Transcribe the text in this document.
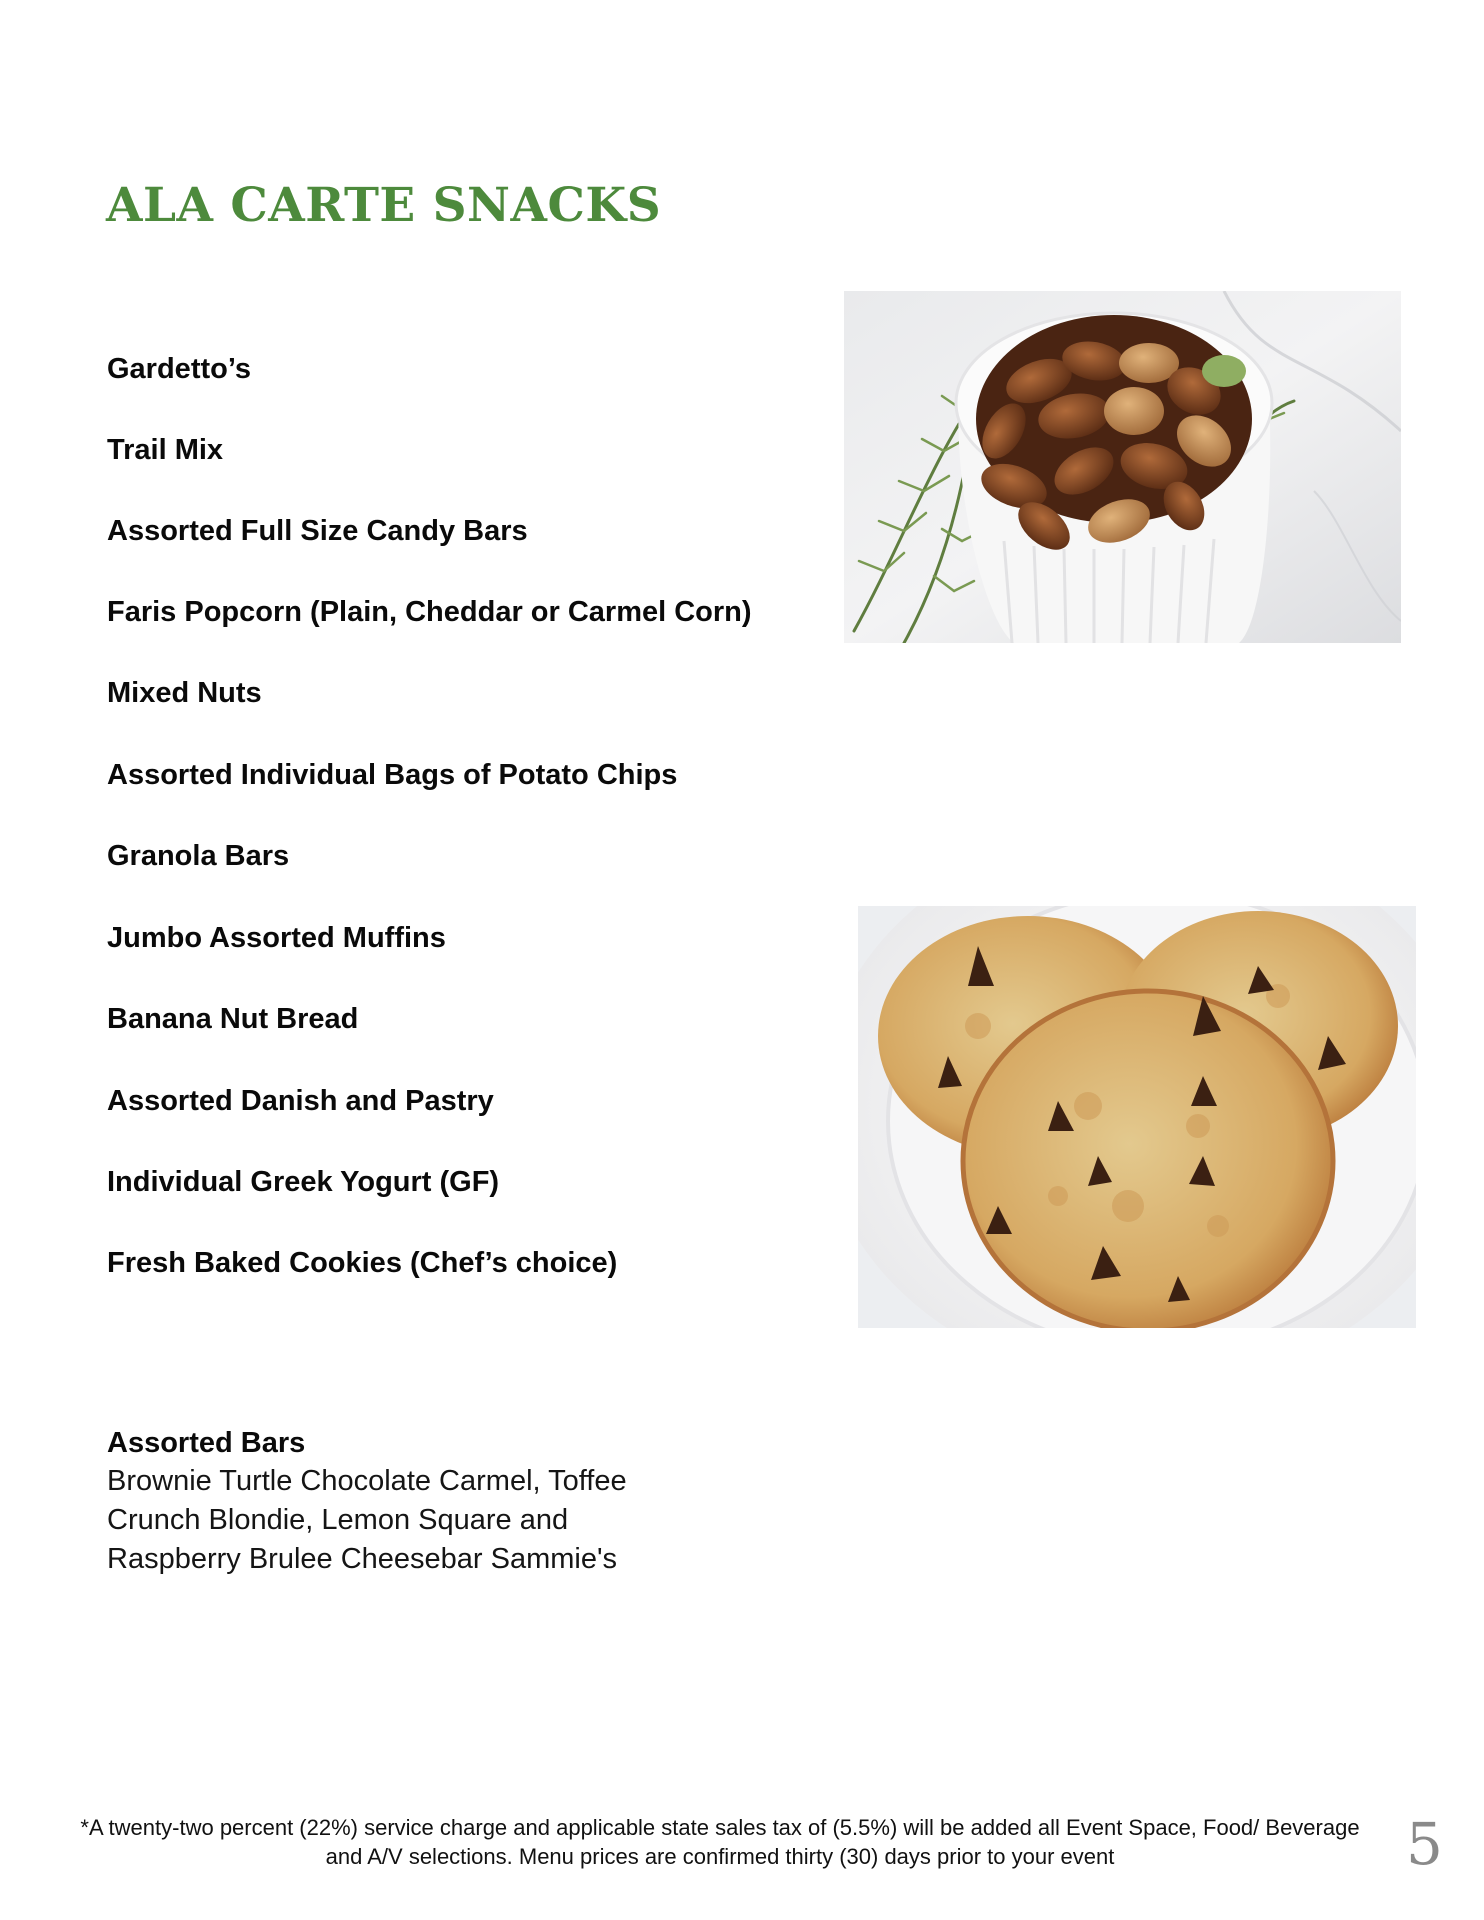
ALA CARTE SNACKS
Gardetto’s
Trail Mix
Assorted Full Size Candy Bars
Faris Popcorn (Plain, Cheddar or Carmel Corn)
Mixed Nuts
Assorted Individual Bags of Potato Chips
Granola Bars
Jumbo Assorted Muffins
Banana Nut Bread
Assorted Danish and Pastry
Individual Greek Yogurt (GF)
Fresh Baked Cookies (Chef’s choice)

Assorted Bars

Brownie Turtle Chocolate Carmel, Toffee Crunch Blondie, Lemon Square and Raspberry Brulee Cheesebar Sammie's

*A twenty-two percent (22%) service charge and applicable state sales tax of (5.5%) will be added all Event Space, Food/ Beverage
and A/V selections. Menu prices are confirmed thirty (30) days prior to your event	5
